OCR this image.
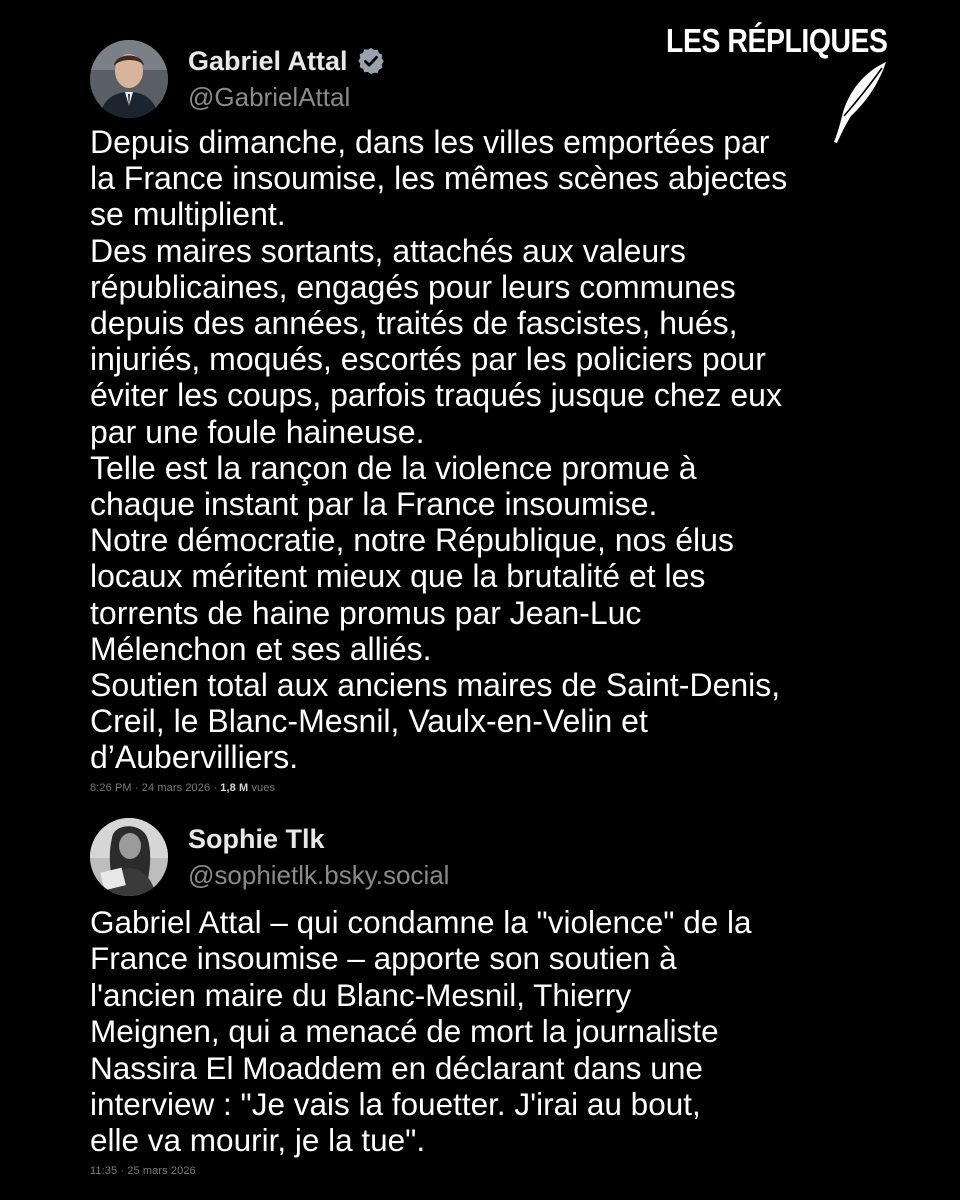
LES RÉPLIQUES
Gabriel Attal
@GabrielAttal
Depuis dimanche, dans les villes emportées par
la France insoumise, les mêmes scènes abjectes
se multiplient.
Des maires sortants, attachés aux valeurs
républicaines, engagés pour leurs communes
depuis des années, traités de fascistes, hués,
injuriés, moqués, escortés par les policiers pour
éviter les coups, parfois traqués jusque chez eux
par une foule haineuse.
Telle est la rançon de la violence promue à
chaque instant par la France insoumise.
Notre démocratie, notre République, nos élus
locaux méritent mieux que la brutalité et les
torrents de haine promus par Jean-Luc
Mélenchon et ses alliés.
Soutien total aux anciens maires de Saint-Denis,
Creil, le Blanc-Mesnil, Vaulx-en-Velin et
d’Aubervilliers.
8:26 PM · 24 mars 2026 · 1,8 M vues
Sophie Tlk
@sophietlk.bsky.social
Gabriel Attal – qui condamne la "violence" de la
France insoumise – apporte son soutien à
l'ancien maire du Blanc-Mesnil, Thierry
Meignen, qui a menacé de mort la journaliste
Nassira El Moaddem en déclarant dans une
interview : "Je vais la fouetter. J'irai au bout,
elle va mourir, je la tue".
11:35 · 25 mars 2026
